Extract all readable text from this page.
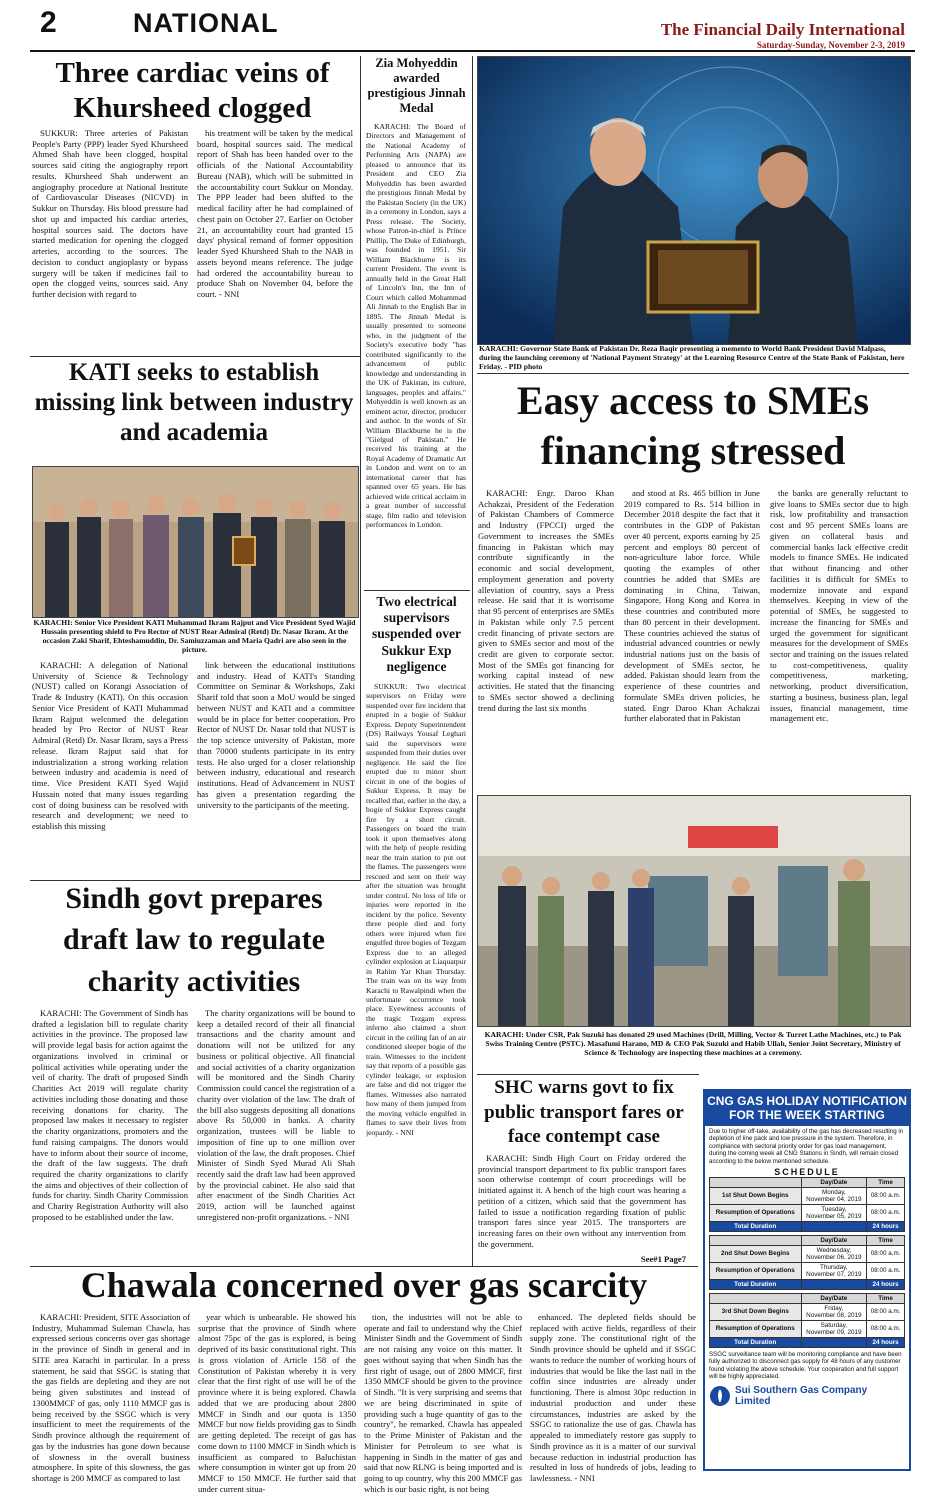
2	NATIONAL	The Financial Daily International
Saturday-Sunday, November 2-3, 2019
Three cardiac veins of Khursheed clogged

SUKKUR: Three arteries of Pakistan People's Party (PPP) leader Syed Khursheed Ahmed Shah have been clogged, hospital sources said citing the angiography report results. Khursheed Shah underwent an angiography procedure at National Institute of Cardiovascular Diseases (NICVD) in Sukkur on Thursday. His blood pressure had shot up and impacted his cardiac arteries, hospital sources said. The doctors have started medication for opening the clogged arteries, according to the sources. The decision to conduct angioplasty or bypass surgery will be taken if medicines fail to open the clogged veins, sources said. Any further decision with regard to

his treatment will be taken by the medical board, hospital sources said. The medical report of Shah has been handed over to the officials of the National Accountability Bureau (NAB), which will be submitted in the accountability court Sukkur on Monday. The PPP leader had been shifted to the medical facility after he had complained of chest pain on October 27. Earlier on October 21, an accountability court had granted 15 days' physical remand of former opposition leader Syed Khursheed Shah to the NAB in assets beyond means reference. The judge had ordered the accountability bureau to produce Shah on November 04, before the court. - NNI

Zia Mohyeddin awarded prestigious Jinnah Medal

KARACHI: The Board of Directors and Management of the National Academy of Performing Arts (NAPA) are pleased to announce that its President and CEO Zia Mohyeddin has been awarded the prestigious Jinnah Medal by the Pakistan Society (in the UK) in a ceremony in London, says a Press release. The Society, whose Patron-in-chief is Prince Phillip, The Duke of Edinburgh, was founded in 1951. Sir William Blackburne is its current President. The event is annually held in the Great Hall of Lincoln's Inn, the Inn of Court which called Mohammad Ali Jinnah to the English Bar in 1895. The Jinnah Medal is usually presented to someone who, in the judgment of the Society's executive body "has contributed significantly to the advancement of public knowledge and understanding in the UK of Pakistan, its culture, languages, peoples and affairs." Mohyeddin is well known as an eminent actor, director, producer and author. In the words of Sir William Blackburne he is the "Gielgud of Pakistan." He received his training at the Royal Academy of Dramatic Art in London and went on to an international career that has spanned over 65 years. He has achieved wide critical acclaim in a great number of successful stage, film radio and television performances in London.

KARACHI: Governor State Bank of Pakistan Dr. Reza Baqir presenting a memento to World Bank President David Malpass, during the launching ceremony of 'National Payment Strategy' at the Learning Resource Centre of the State Bank of Pakistan, here Friday. - PID photo
KATI seeks to establish missing link between industry and academia
KARACHI: Senior Vice President KATI Muhammad Ikram Rajput and Vice President Syed Wajid Hussain presenting shield to Pro Rector of NUST Rear Admiral (Retd) Dr. Nasar Ikram. At the occasion Zaki Sharif, Ehteshamuddin, Dr. Samiuzzaman and Maria Qadri are also seen in the picture.

KARACHI: A delegation of National University of Science & Technology (NUST) called on Korangi Association of Trade & Industry (KATI). On this occasion Senior Vice President of KATI Muhammad Ikram Rajput welcomed the delegation headed by Pro Rector of NUST Rear Admiral (Retd) Dr. Nasar Ikram, says a Press release. Ikram Rajput said that for industrialization a strong working relation between industry and academia is need of time. Vice President KATI Syed Wajid Hussain noted that many issues regarding cost of doing business can be resolved with research and development; we need to establish this missing

link between the educational institutions and industry. Head of KATI's Standing Committee on Seminar & Workshops, Zaki Sharif told that soon a MoU would be singed between NUST and KATI and a committee would be in place for better cooperation. Pro Rector of NUST Dr. Nasar told that NUST is the top science university of Pakistan, more than 70000 students participate in its entry tests. He also urged for a closer relationship between industry, educational and research institutions. Head of Advancement in NUST has given a presentation regarding the university to the participants of the meeting.

Two electrical supervisors suspended over Sukkur Exp negligence

SUKKUR: Two electrical supervisors on Friday were suspended over fire incident that erupted in a bogie of Sukkur Express. Deputy Superintendent (DS) Railways Yousaf Leghari said the supervisors were suspended from their duties over negligence. He said the fire erupted due to minor short circuit in one of the bogies of Sukkur Express. It may be recalled that, earlier in the day, a bogie of Sukkur Express caught fire by a short circuit. Passengers on board the train took it upon themselves along with the help of people residing near the train station to put out the flames. The passengers were rescued and sent on their way after the situation was brought under control. No loss of life or injuries were reported in the incident by the police. Seventy three people died and forty others were injured when fire engulfed three bogies of Tezgam Express due to an alleged cylinder explosion at Liaquatpur in Rahim Yar Khan Thursday. The train was on its way from Karachi to Rawalpindi when the unfortunate occurrence took place. Eyewitness accounts of the tragic Tezgam express inferno also claimed a short circuit in the ceiling fan of an air conditioned sleeper bogie of the train. Witnesses to the incident say that reports of a possible gas cylinder leakage, or explosion are false and did not trigger the flames. Witnesses also narrated how many of them jumped from the moving vehicle engulfed in flames to save their lives from jeopardy. - NNI

Easy access to SMEs financing stressed

KARACHI: Engr. Daroo Khan Achakzai, President of the Federation of Pakistan Chambers of Commerce and Industry (FPCCI) urged the Government to increases the SMEs financing in Pakistan which may contribute significantly in the economic and social development, employment generation and poverty alleviation of country, says a Press release. He said that it is worrisome that 95 percent of enterprises are SMEs in Pakistan while only 7.5 percent credit financing of private sectors are given to SMEs sector and most of the credit are given to corporate sector. Most of the SMEs got financing for working capital instead of new activities. He stated that the financing to SMEs sector showed a declining trend during the last six months

and stood at Rs. 465 billion in June 2019 compared to Rs. 514 billion in December 2018 despite the fact that it contributes in the GDP of Pakistan over 40 percent, exports earning by 25 percent and employs 80 percent of non-agriculture labor force. While quoting the examples of other countries he added that SMEs are dominating in China, Taiwan, Singapore, Hong Kong and Korea in these countries and contributed more than 80 percent in their development. These countries achieved the status of industrial advanced countries or newly industrial nations just on the basis of development of SMEs sector, he added. Pakistan should learn from the experience of these countries and formulate SMEs driven policies, he stated. Engr Daroo Khan Achakzai further elaborated that in Pakistan

the banks are generally reluctant to give loans to SMEs sector due to high risk, low profitability and transaction cost and 95 percent SMEs loans are given on collateral basis and commercial banks lack effective credit models to finance SMEs. He indicated that without financing and other facilities it is difficult for SMEs to modernize innovate and expand themselves. Keeping in view of the potential of SMEs, he suggested to increase the financing for SMEs and urged the government for significant measures for the development of SMEs sector and training on the issues related to cost-competitiveness, quality competitiveness, marketing, networking, product diversification, starting a business, business plan, legal issues, financial management, time management etc.

KARACHI: Under CSR, Pak Suzuki has donated 29 used Machines (Drill, Milling, Vector & Turret Lathe Machines, etc.) to Pak Swiss Training Centre (PSTC). Masafumi Harano, MD & CEO Pak Suzuki and Habib Ullah, Senior Joint Secretary, Ministry of Science & Technology are inspecting these machines at a ceremony.
Sindh govt prepares draft law to regulate charity activities

KARACHI: The Government of Sindh has drafted a legislation bill to regulate charity activities in the province. The proposed law will provide legal basis for action against the organizations involved in criminal or political activities while operating under the veil of charity. The draft of proposed Sindh Charities Act 2019 will regulate charity activities including those donating and those receiving donations for charity. The proposed law makes it necessary to register the charity organizations, promoters and the fund raising campaigns. The donors would have to inform about their source of income, the draft of the law suggests. The draft required the charity organizations to clarify the aims and objectives of their collection of funds for charity. Sindh Charity Commission and Charity Registration Authority will also proposed to be established under the law.

The charity organizations will be bound to keep a detailed record of their all financial transactions and the charity amount and donations will not be utilized for any business or political objective. All financial and social activities of a charity organization will be monitored and the Sindh Charity Commission could cancel the registration of a charity over violation of the law. The draft of the bill also suggests depositing all donations above Rs 50,000 in banks. A charity organization, trustees will be liable to imposition of fine up to one million over violation of the law, the draft proposes. Chief Minister of Sindh Syed Murad Ali Shah recently said the draft law had been approved by the provincial cabinet. He also said that after enactment of the Sindh Charities Act 2019, action will be launched against unregistered non-profit organizations. - NNI

SHC warns govt to fix public transport fares or face contempt case

KARACHI: Sindh High Court on Friday ordered the provincial transport department to fix public transport fares soon otherwise contempt of court proceedings will be initiated against it. A bench of the high court was hearing a petition of a citizen, which said that the government has failed to issue a notification regarding fixation of public transport fares since year 2015. The transporters are increasing fares on their own without any intervention from the government.

See#1 Page7
CNG GAS HOLIDAY NOTIFICATION FOR THE WEEK STARTING
Due to higher off-take, availability of the gas has decreased resulting in depletion of line pack and low pressure in the system. Therefore, in compliance with sectoral priority order for gas load management, during the coming week all CNG Stations in Sindh, will remain closed according to the below mentioned schedule.
SCHEDULE
	Day/Date	Time
1st Shut Down Begins	Monday,
November 04, 2019	08:00 a.m.
Resumption of Operations	Tuesday,
November 05, 2019	08:00 a.m.
Total Duration		24 hours
	Day/Date	Time
2nd Shut Down Begins	Wednesday,
November 06, 2019	08:00 a.m.
Resumption of Operations	Thursday,
November 07, 2019	08:00 a.m.
Total Duration		24 hours
	Day/Date	Time
3rd Shut Down Begins	Friday,
November 08, 2019	08:00 a.m.
Resumption of Operations	Saturday,
November 09, 2019	08:00 a.m.
Total Duration		24 hours
SSGC surveillance team will be monitoring compliance and have been fully authorized to disconnect gas supply for 48 hours of any customer found violating the above schedule. Your cooperation and full support will be highly appreciated.
Sui Southern Gas Company Limited
Chawala concerned over gas scarcity

KARACHI: President, SITE Association of Industry, Muhammad Suleman Chawla, has expressed serious concerns over gas shortage in the province of Sindh in general and in SITE area Karachi in particular. In a press statement, he said that SSGC is stating that the gas fields are depleting and they are not being given substitutes and instead of 1300MMCF of gas, only 1110 MMCF gas is being received by the SSGC which is very insufficient to meet the requirements of the Sindh province although the requirement of gas by the industries has gone down because of slowness in the overall business atmosphere. In spite of this slowness, the gas shortage is 200 MMCF as compared to last

year which is unbearable. He showed his surprise that the province of Sindh where almost 75pc of the gas is explored, is being deprived of its basic constitutional right. This is gross violation of Article 158 of the Constitution of Pakistan whereby it is very clear that the first right of use will be of the province where it is being explored. Chawla added that we are producing about 2800 MMCF in Sindh and our quota is 1350 MMCF but now fields providing gas to Sindh are getting depleted. The receipt of gas has come down to 1100 MMCF in Sindh which is insufficient as compared to Baluchistan where consumption in winter got up from 20 MMCF to 150 MMCF. He further said that under current situa-

tion, the industries will not be able to operate and fail to understand why the Chief Minister Sindh and the Government of Sindh are not raising any voice on this matter. It goes without saying that when Sindh has the first right of usage, out of 2800 MMCF, first 1350 MMCF should be given to the province of Sindh. "It is very surprising and seems that we are being discriminated in spite of providing such a huge quantity of gas to the country", he remarked. Chawla has appealed to the Prime Minister of Pakistan and the Minister for Petroleum to see what is happening in Sindh in the matter of gas and said that now RLNG is being imported and is going to up country, why this 200 MMCF gas which is our basic right, is not being

enhanced. The depleted fields should be replaced with active fields, regardless of their supply zone. The constitutional right of the Sindh province should be upheld and if SSGC wants to reduce the number of working hours of industries that would be like the last nail in the coffin since industries are already under functioning. There is almost 30pc reduction in industrial production and under these circumstances, industries are asked by the SSGC to rationalize the use of gas. Chawla has appealed to immediately restore gas supply to Sindh province as it is a matter of our survival because reduction in industrial production has resulted in loss of hundreds of jobs, leading to lawlessness. - NNI
